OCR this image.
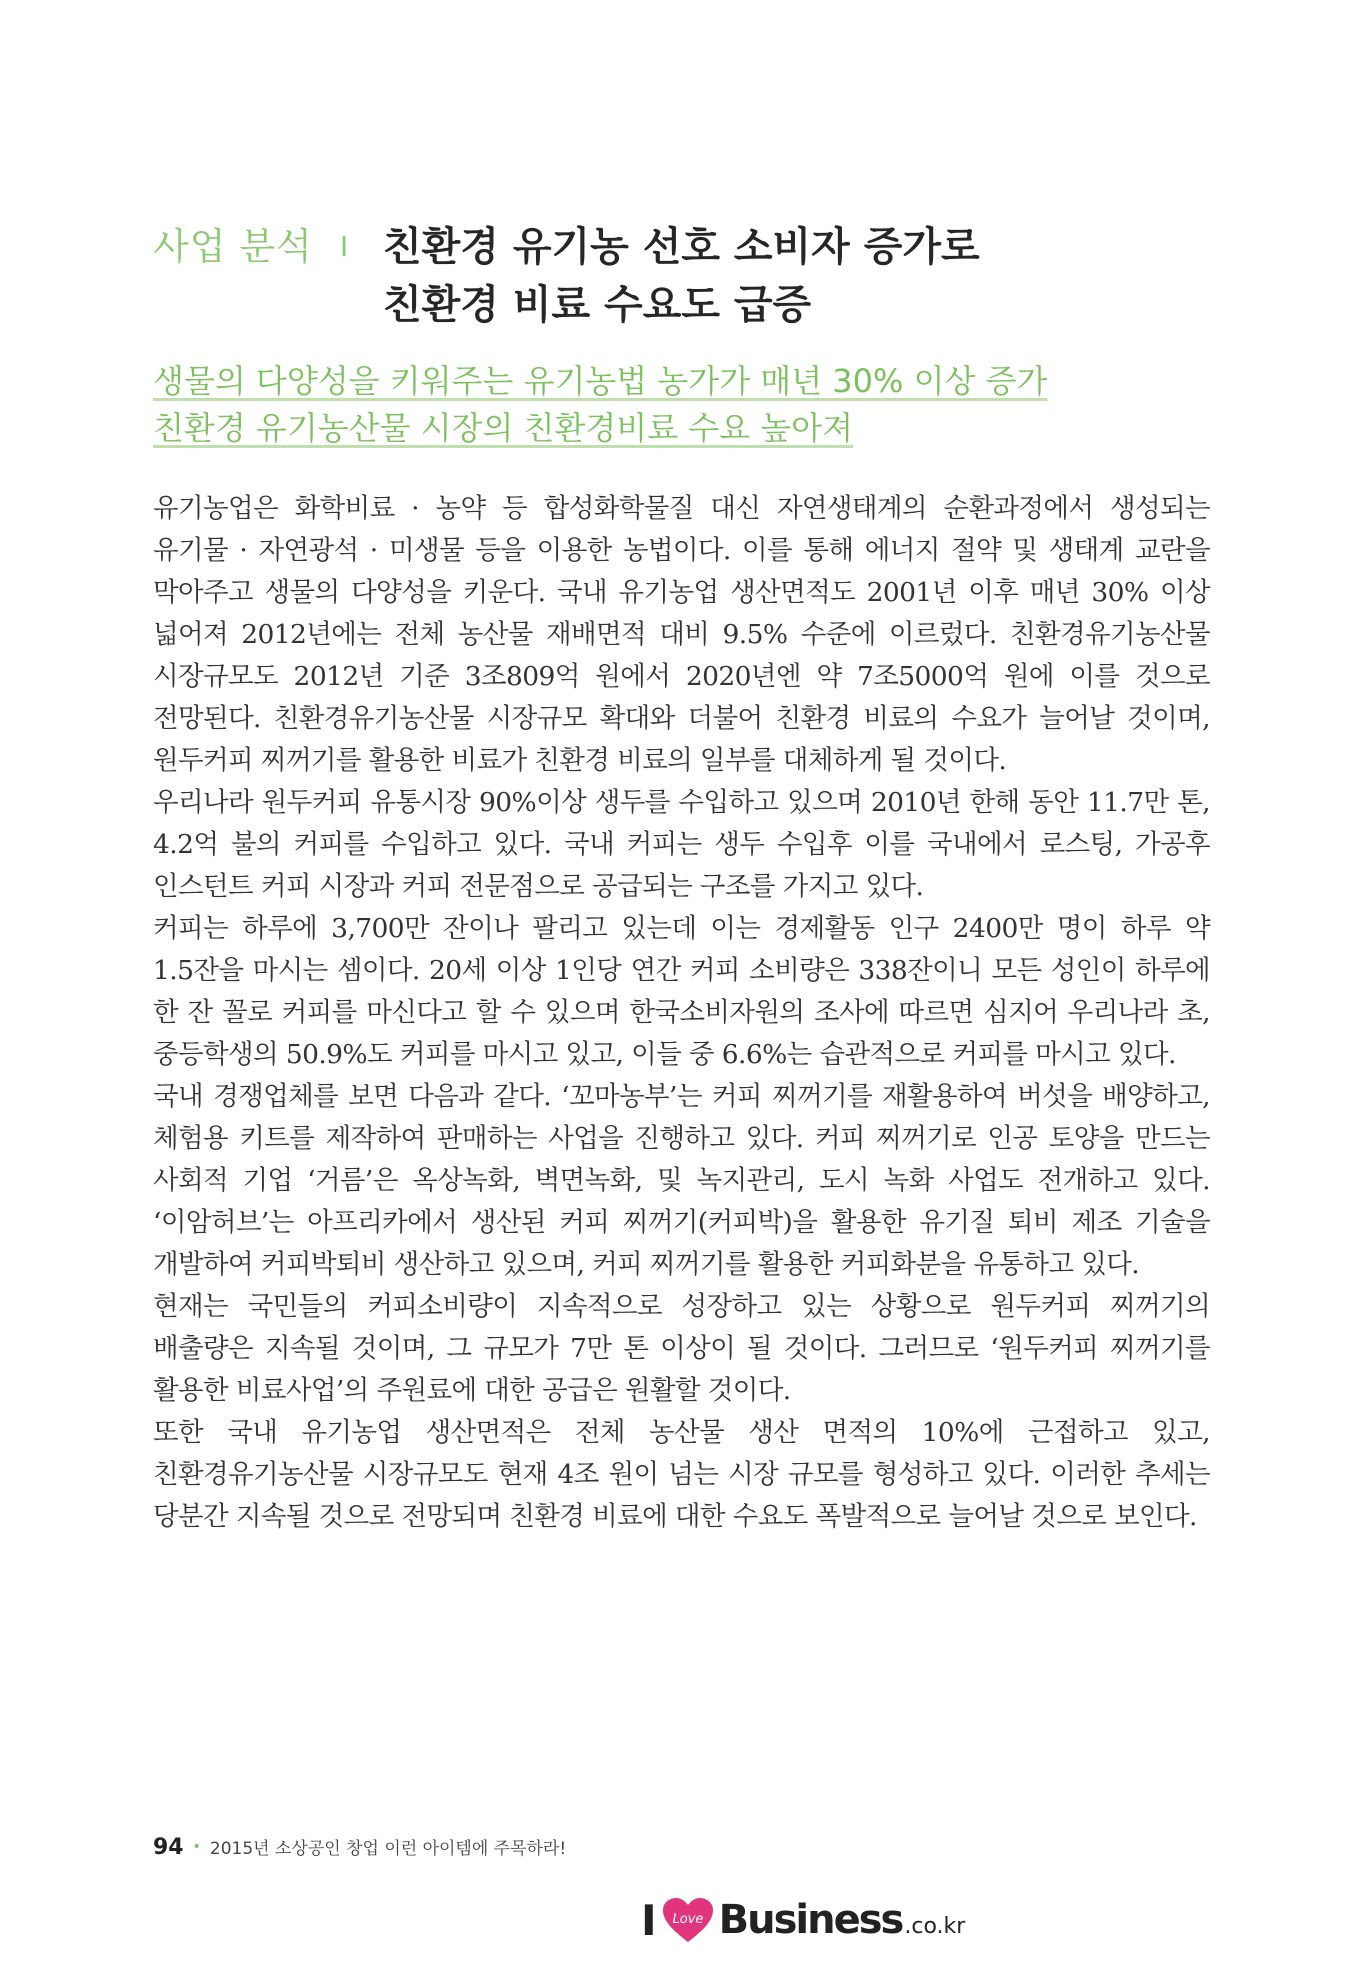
사업 분석 I 친환경 유기농 선호 소비자 증가로
친환경 비료 수요도 급증
생물의 다양성을 키워주는 유기농법 농가가 매년 30% 이상 증가
친환경 유기농산물 시장의 친환경비료 수요 높아져

유기농업은 화학비료 · 농약 등 합성화학물질 대신 자연생태계의 순환과정에서 생성되는 유기물 · 자연광석 · 미생물 등을 이용한 농법이다. 이를 통해 에너지 절약 및 생태계 교란을 막아주고 생물의 다양성을 키운다. 국내 유기농업 생산면적도 2001년 이후 매년 30% 이상 넓어져 2012년에는 전체 농산물 재배면적 대비 9.5% 수준에 이르렀다. 친환경유기농산물 시장규모도 2012년 기준 3조809억 원에서 2020년엔 약 7조5000억 원에 이를 것으로 전망된다. 친환경유기농산물 시장규모 확대와 더불어 친환경 비료의 수요가 늘어날 것이며, 원두커피 찌꺼기를 활용한 비료가 친환경 비료의 일부를 대체하게 될 것이다.

우리나라 원두커피 유통시장 90%이상 생두를 수입하고 있으며 2010년 한해 동안 11.7만 톤, 4.2억 불의 커피를 수입하고 있다. 국내 커피는 생두 수입후 이를 국내에서 로스팅, 가공후 인스턴트 커피 시장과 커피 전문점으로 공급되는 구조를 가지고 있다.

커피는 하루에 3,700만 잔이나 팔리고 있는데 이는 경제활동 인구 2400만 명이 하루 약 1.5잔을 마시는 셈이다. 20세 이상 1인당 연간 커피 소비량은 338잔이니 모든 성인이 하루에 한 잔 꼴로 커피를 마신다고 할 수 있으며 한국소비자원의 조사에 따르면 심지어 우리나라 초,중등학생의 50.9%도 커피를 마시고 있고, 이들 중 6.6%는 습관적으로 커피를 마시고 있다.

국내 경쟁업체를 보면 다음과 같다. ‘꼬마농부’는 커피 찌꺼기를 재활용하여 버섯을 배양하고, 체험용 키트를 제작하여 판매하는 사업을 진행하고 있다. 커피 찌꺼기로 인공 토양을 만드는 사회적 기업 ‘거름’은 옥상녹화, 벽면녹화, 및 녹지관리, 도시 녹화 사업도 전개하고 있다. ‘이암허브’는 아프리카에서 생산된 커피 찌꺼기(커피박)을 활용한 유기질 퇴비 제조 기술을 개발하여 커피박퇴비 생산하고 있으며, 커피 찌꺼기를 활용한 커피화분을 유통하고 있다.

현재는 국민들의 커피소비량이 지속적으로 성장하고 있는 상황으로 원두커피 찌꺼기의 배출량은 지속될 것이며, 그 규모가 7만 톤 이상이 될 것이다. 그러므로 ‘원두커피 찌꺼기를 활용한 비료사업’의 주원료에 대한 공급은 원활할 것이다.

또한 국내 유기농업 생산면적은 전체 농산물 생산 면적의 10%에 근접하고 있고, 친환경유기농산물 시장규모도 현재 4조 원이 넘는 시장 규모를 형성하고 있다. 이러한 추세는 당분간 지속될 것으로 전망되며 친환경 비료에 대한 수요도 폭발적으로 늘어날 것으로 보인다.

94 • 2015년 소상공인 창업 이런 아이템에 주목하라!
I Love Business .co.kr
